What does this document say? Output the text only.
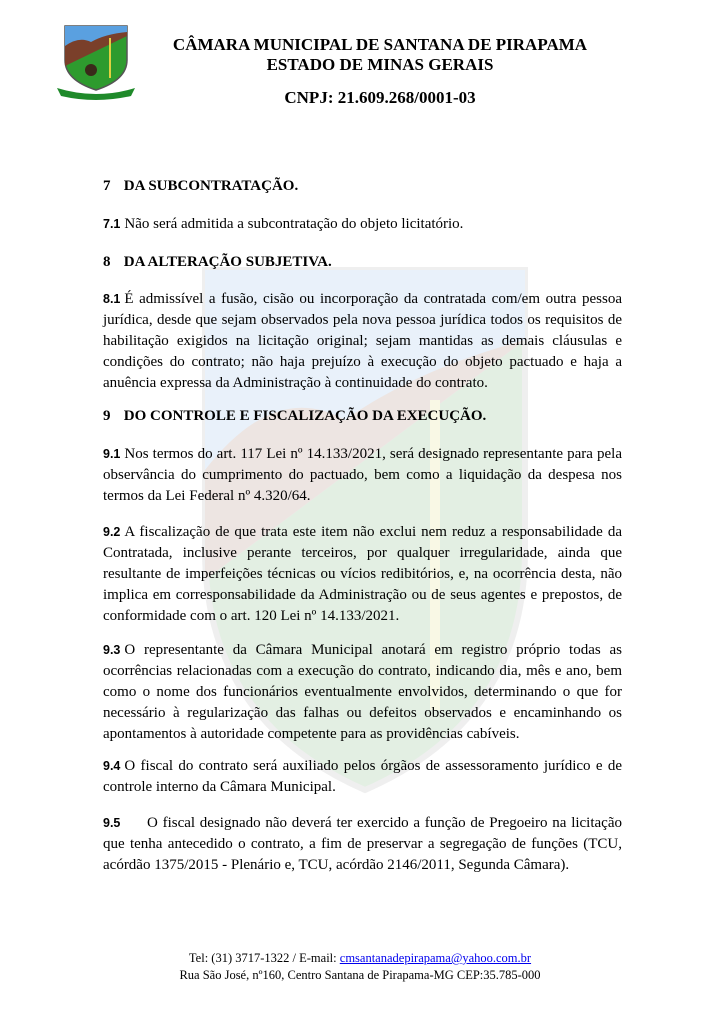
CÂMARA MUNICIPAL DE SANTANA DE PIRAPAMA
ESTADO DE MINAS GERAIS
CNPJ: 21.609.268/0001-03
7 DA SUBCONTRATAÇÃO.
7.1 Não será admitida a subcontratação do objeto licitatório.
8 DA ALTERAÇÃO SUBJETIVA.
8.1 É admissível a fusão, cisão ou incorporação da contratada com/em outra pessoa jurídica, desde que sejam observados pela nova pessoa jurídica todos os requisitos de habilitação exigidos na licitação original; sejam mantidas as demais cláusulas e condições do contrato; não haja prejuízo à execução do objeto pactuado e haja a anuência expressa da Administração à continuidade do contrato.
9 DO CONTROLE E FISCALIZAÇÃO DA EXECUÇÃO.
9.1 Nos termos do art. 117 Lei nº 14.133/2021, será designado representante para pela observância do cumprimento do pactuado, bem como a liquidação da despesa nos termos da Lei Federal nº 4.320/64.
9.2 A fiscalização de que trata este item não exclui nem reduz a responsabilidade da Contratada, inclusive perante terceiros, por qualquer irregularidade, ainda que resultante de imperfeições técnicas ou vícios redibitórios, e, na ocorrência desta, não implica em corresponsabilidade da Administração ou de seus agentes e prepostos, de conformidade com o art. 120 Lei nº 14.133/2021.
9.3 O representante da Câmara Municipal anotará em registro próprio todas as ocorrências relacionadas com a execução do contrato, indicando dia, mês e ano, bem como o nome dos funcionários eventualmente envolvidos, determinando o que for necessário à regularização das falhas ou defeitos observados e encaminhando os apontamentos à autoridade competente para as providências cabíveis.
9.4 O fiscal do contrato será auxiliado pelos órgãos de assessoramento jurídico e de controle interno da Câmara Municipal.
9.5 O fiscal designado não deverá ter exercido a função de Pregoeiro na licitação que tenha antecedido o contrato, a fim de preservar a segregação de funções (TCU, acórdão 1375/2015 - Plenário e, TCU, acórdão 2146/2011, Segunda Câmara).
Tel: (31) 3717-1322 / E-mail: cmsantanadepirapama@yahoo.com.br
Rua São José, nº160, Centro Santana de Pirapama-MG CEP:35.785-000
